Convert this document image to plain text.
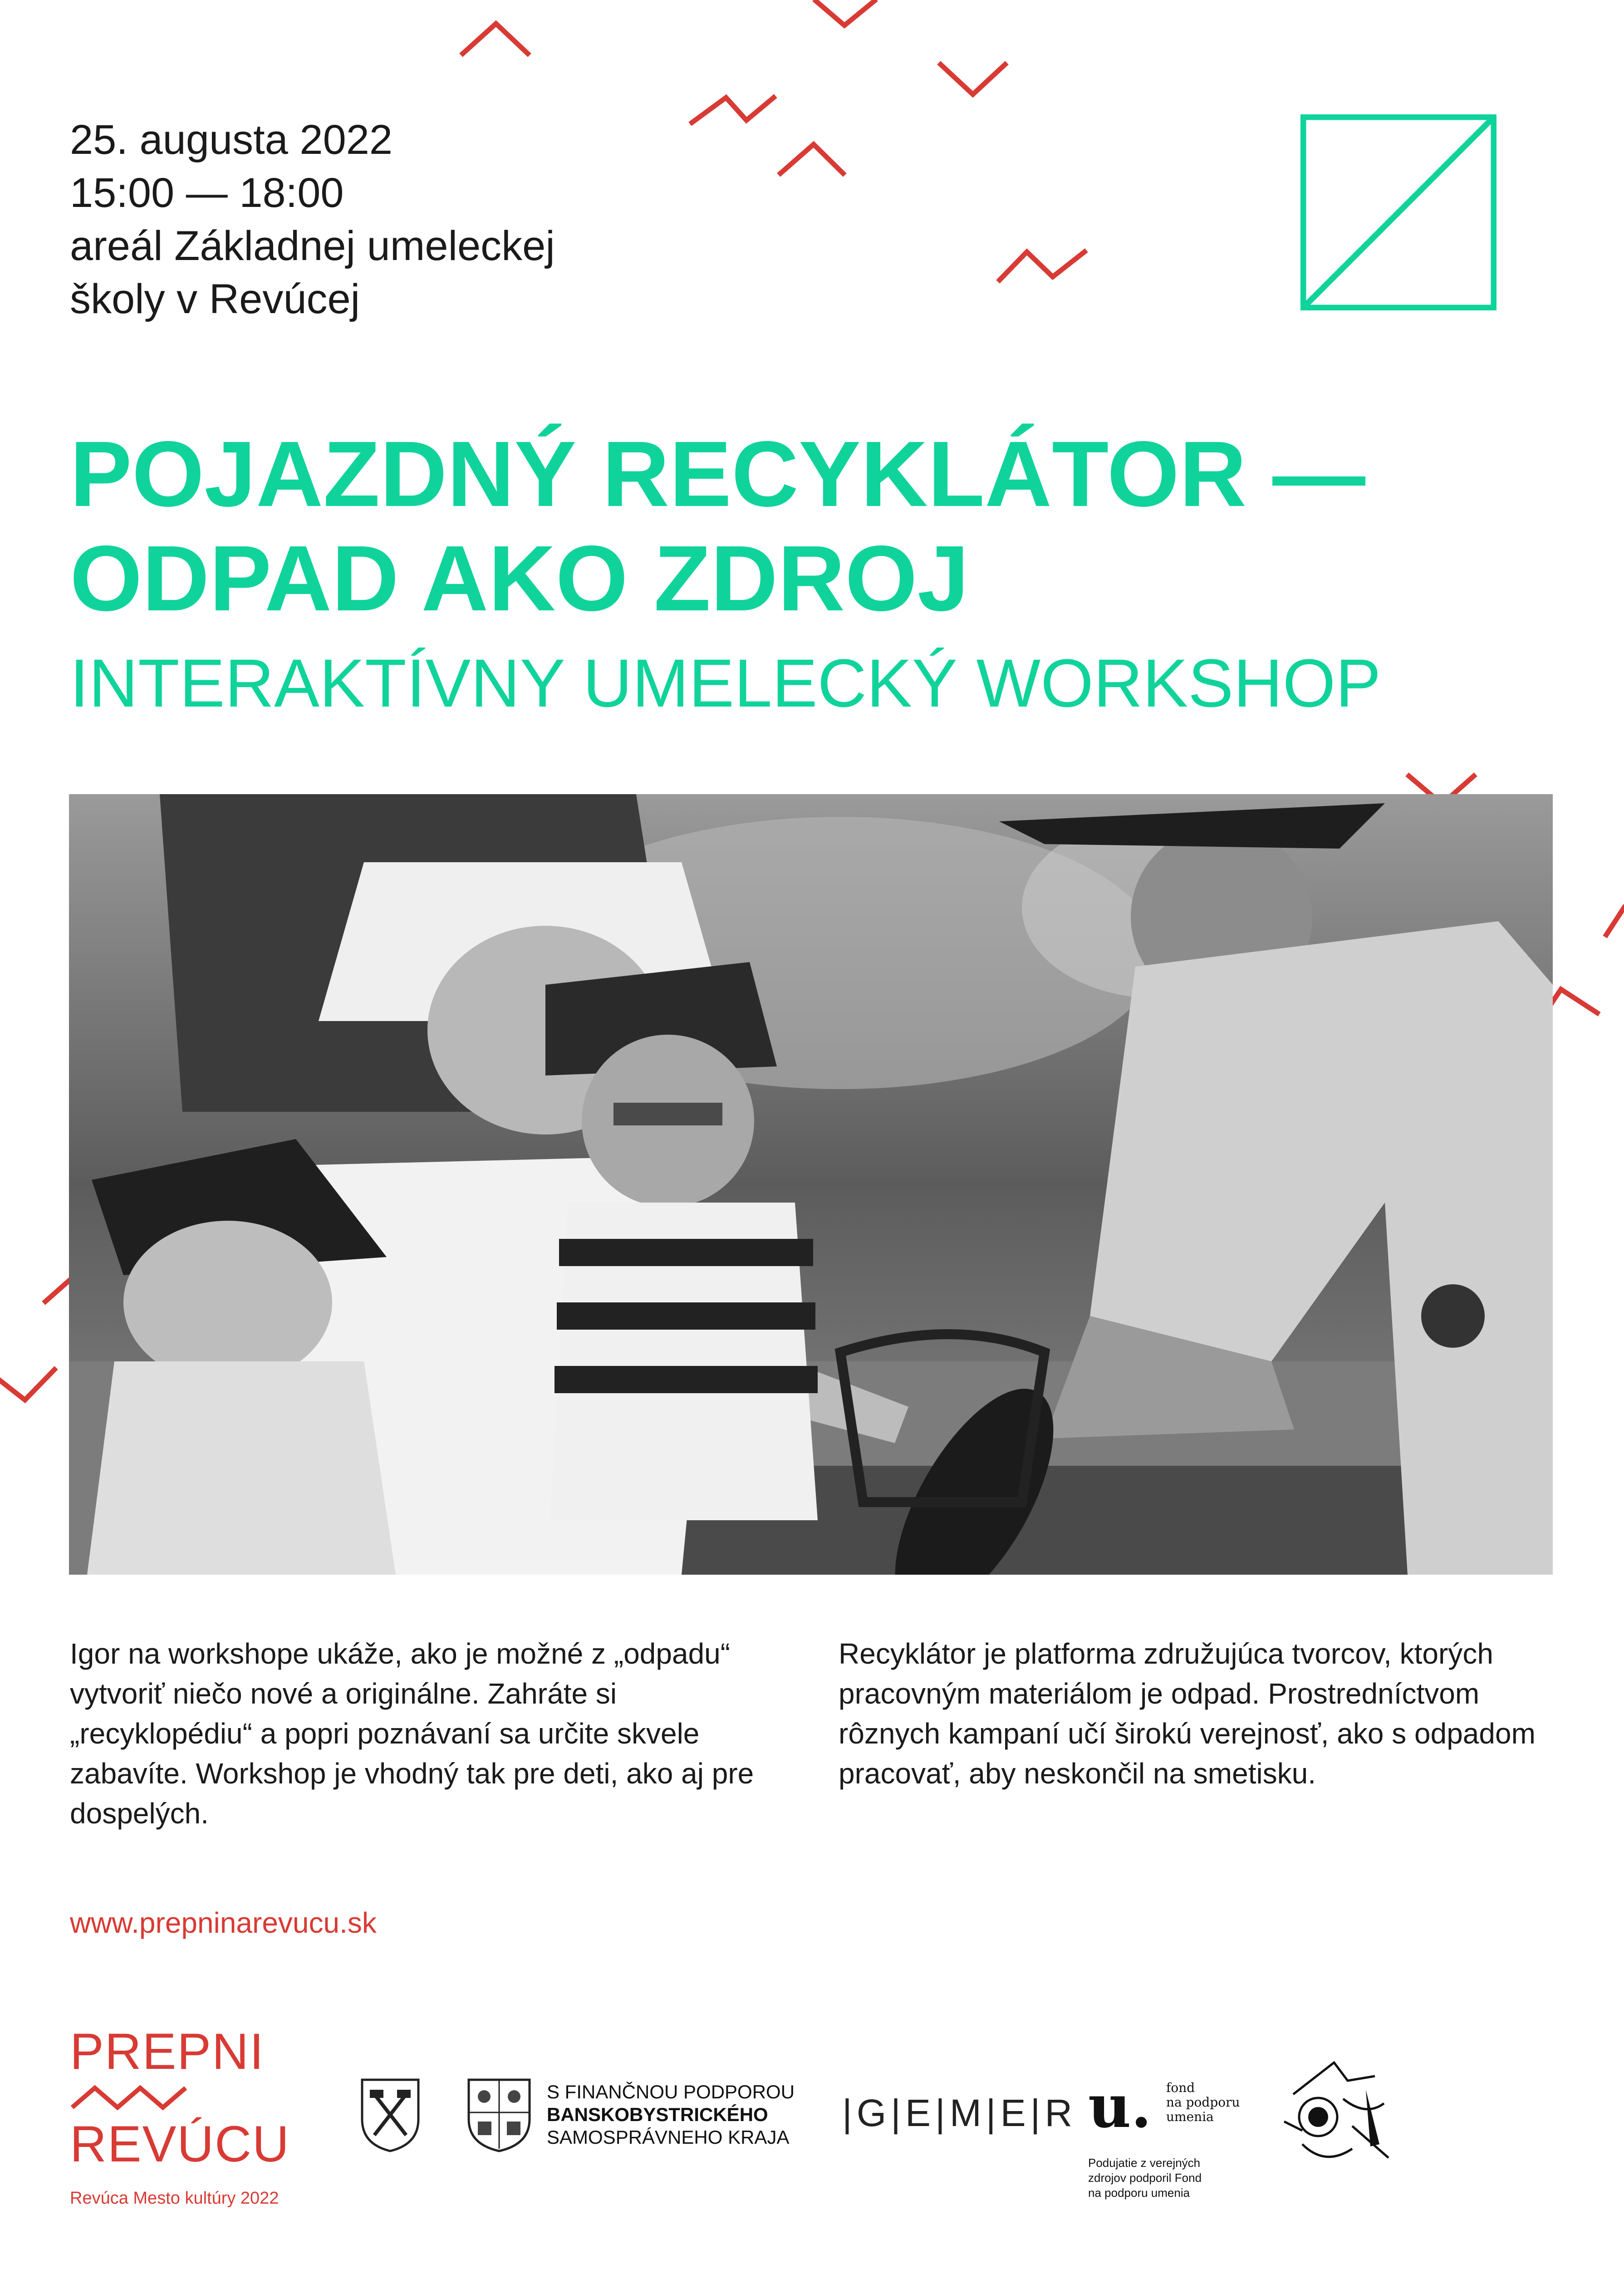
25. augusta 2022
15:00 — 18:00
areál Základnej umeleckej
školy v Revúcej
POJAZDNÝ RECYKLÁTOR —
ODPAD AKO ZDROJ
INTERAKTÍVNY UMELECKÝ WORKSHOP
Igor na workshope ukáže, ako je možné z „odpadu“ vytvoriť niečo nové a originálne. Zahráte si „recyklopédiu“ a popri poznávaní sa určite skvele zabavíte. Workshop je vhodný tak pre deti, ako aj pre dospelých.
Recyklátor je platforma združujúca tvorcov, ktorých pracovným materiálom je odpad. Prostredníctvom rôznych kampaní učí širokú verejnosť, ako s odpadom pracovať, aby neskončil na smetisku.
www.prepninarevucu.sk
PREPNI
REVÚCU
Revúca Mesto kultúry 2022
S FINANČNOU PODPOROU
BANSKOBYSTRICKÉHO
SAMOSPRÁVNEHO KRAJA
|G|E|M|E|R u. fond
na podporu
umenia
Podujatie z verejných
zdrojov podporil Fond
na podporu umenia
